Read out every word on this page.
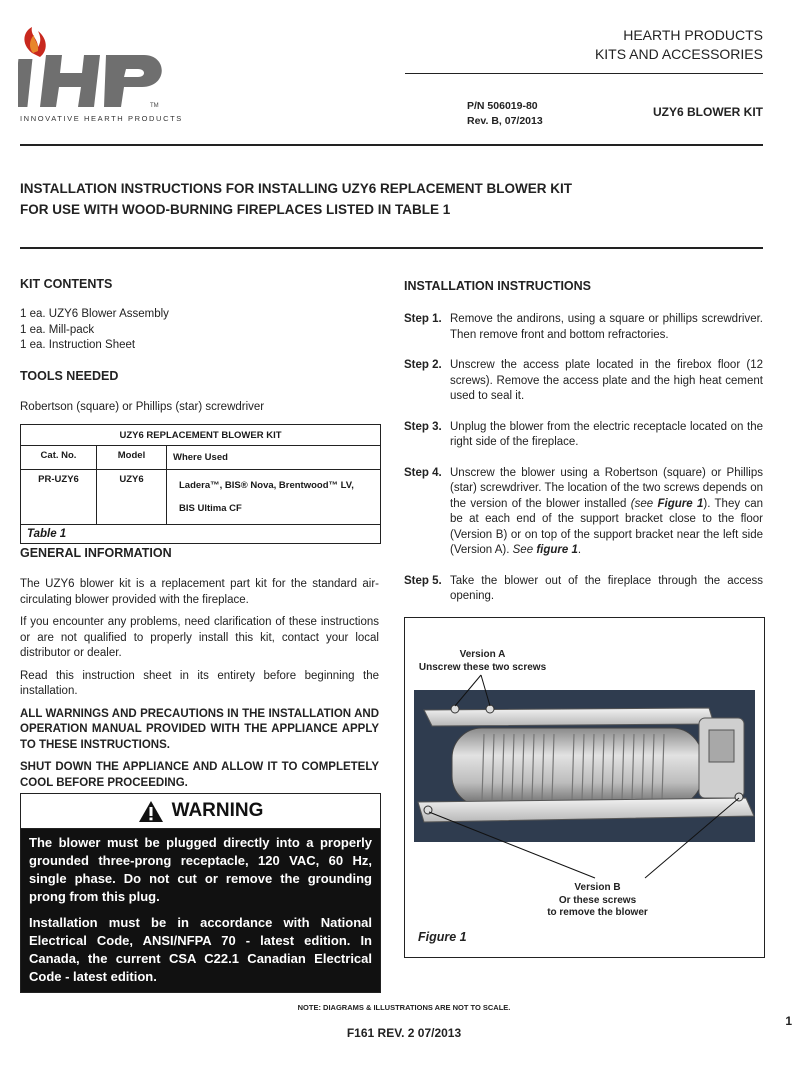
TM
INNOVATIVE HEARTH PRODUCTS
HEARTH PRODUCTS
KITS AND ACCESSORIES
P/N 506019-80
Rev. B, 07/2013
UZY6 BLOWER KIT
INSTALLATION INSTRUCTIONS FOR INSTALLING UZY6 REPLACEMENT BLOWER KIT
FOR USE WITH WOOD-BURNING FIREPLACES LISTED IN TABLE 1
KIT CONTENTS

1 ea. UZY6 Blower Assembly

1 ea. Mill-pack

1 ea. Instruction Sheet

TOOLS NEEDED
Robertson (square) or Phillips (star) screwdriver
UZY6 REPLACEMENT BLOWER KIT
Cat. No.	Model	Where Used
PR-UZY6	UZY6
Ladera™, BIS® Nova, Brentwood™ LV,
BIS Ultima CF
Table 1
GENERAL INFORMATION

The UZY6 blower kit is a replacement part kit for the standard air-circulating blower provided with the fireplace.

If you encounter any problems, need clarification of these instructions or are not qualified to properly install this kit, contact your local distributor or dealer.

Read this instruction sheet in its entirety before beginning the installation.

ALL WARNINGS AND PRECAUTIONS IN THE INSTALLATION AND OPERATION MANUAL PROVIDED WITH THE APPLIANCE APPLY TO THESE INSTRUCTIONS.

SHUT DOWN THE APPLIANCE AND ALLOW IT TO COMPLETELY COOL BEFORE PROCEEDING.

WARNING

The blower must be plugged directly into a properly grounded three-prong receptacle, 120 VAC, 60 Hz, single phase. Do not cut or remove the grounding prong from this plug.

Installation must be in accordance with National Electrical Code, ANSI/NFPA 70 - latest edition. In Canada, the current CSA C22.1 Canadian Electrical Code - latest edition.

INSTALLATION INSTRUCTIONS
Step 1. Remove the andirons, using a square or phillips screwdriver. Then remove front and bottom refractories.
Step 2. Unscrew the access plate located in the firebox floor (12 screws). Remove the access plate and the high heat cement used to seal it.
Step 3. Unplug the blower from the electric receptacle located on the right side of the fireplace.
Step 4. Unscrew the blower using a Robertson (square) or Phillips (star) screwdriver. The location of the two screws depends on the version of the blower installed (see Figure 1). They can be at each end of the support bracket close to the floor (Version B) or on top of the support bracket near the left side (Version A). See figure 1.
Step 5. Take the blower out of the fireplace through the access opening.
Version A
Unscrew these two screws
Version B
Or these screws
to remove the blower
Figure 1
NOTE: DIAGRAMS & ILLUSTRATIONS ARE NOT TO SCALE.
1
F161 REV. 2 07/2013
